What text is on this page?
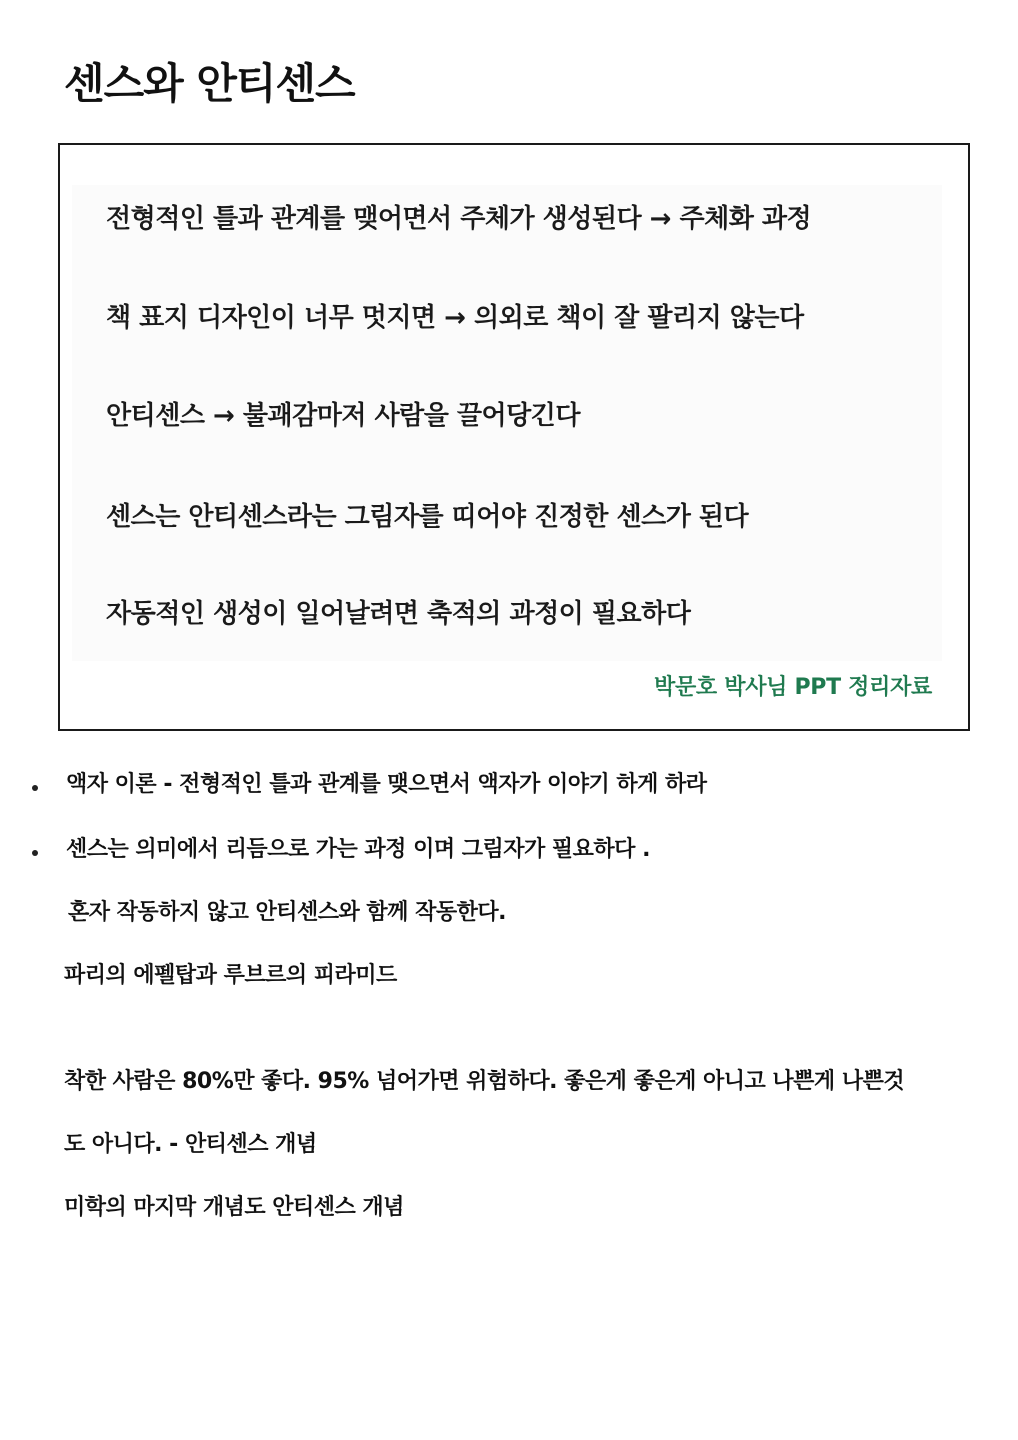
센스와 안티센스
전형적인 틀과 관계를 맺어면서 주체가 생성된다 → 주체화 과정
책 표지 디자인이 너무 멋지면 → 의외로 책이 잘 팔리지 않는다
안티센스 → 불괘감마저 사람을 끌어당긴다
센스는 안티센스라는 그림자를 띠어야 진정한 센스가 된다
자동적인 생성이 일어날려면 축적의 과정이 필요하다
박문호 박사님 PPT 정리자료
액자 이론 - 전형적인 틀과 관계를 맺으면서 액자가 이야기 하게 하라
센스는 의미에서 리듬으로 가는 과정 이며 그림자가 필요하다 .
혼자 작동하지 않고 안티센스와 함께 작동한다.
파리의 에펠탑과 루브르의 피라미드
착한 사람은 80%만 좋다. 95% 넘어가면 위험하다. 좋은게 좋은게 아니고 나쁜게 나쁜것
도 아니다. - 안티센스 개념
미학의 마지막 개념도 안티센스 개념
